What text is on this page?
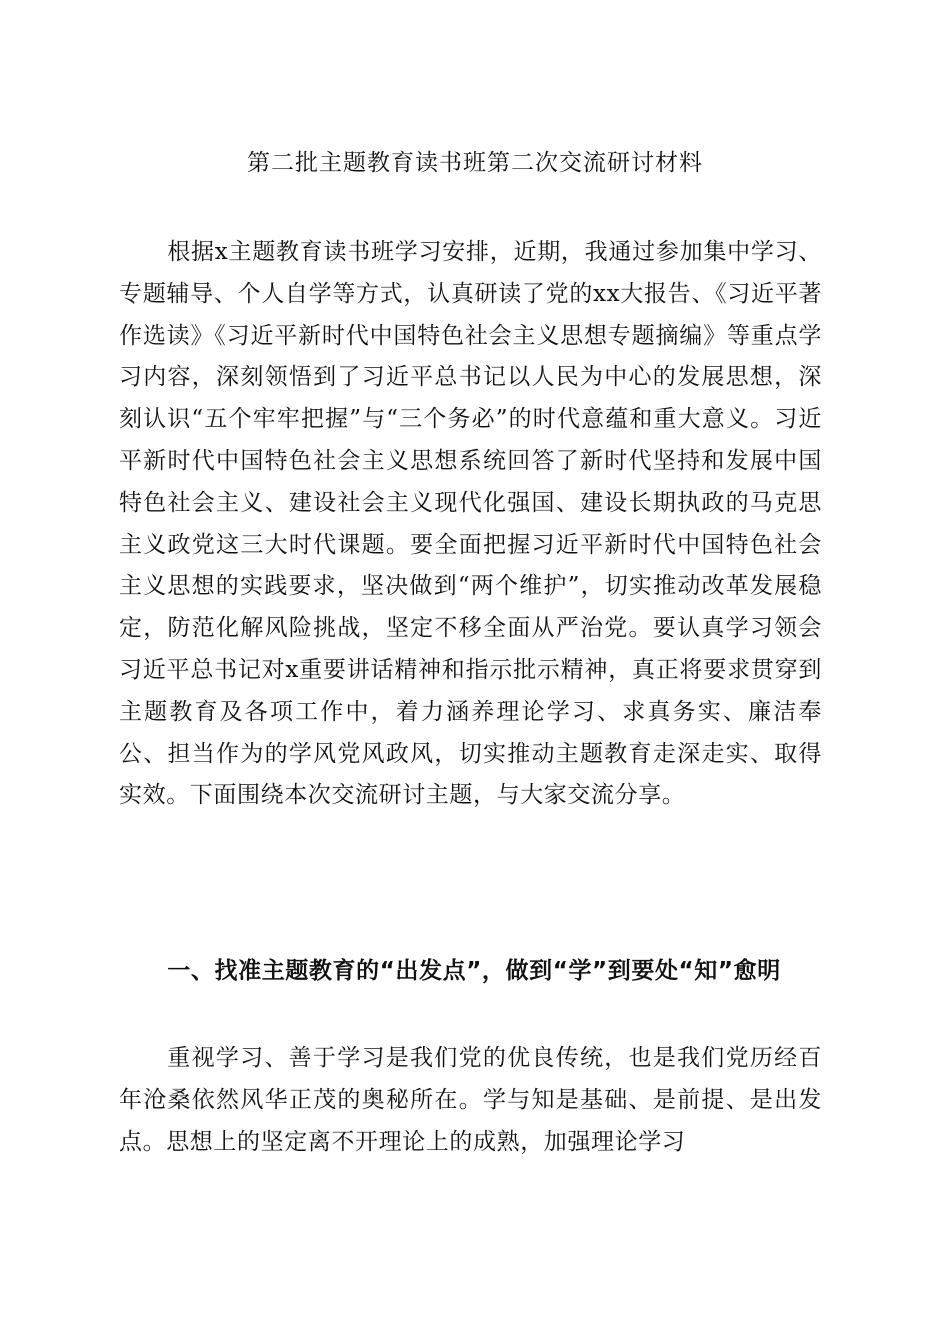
第二批主题教育读书班第二次交流研讨材料

根据x主题教育读书班学习安排，近期，我通过参加集中学习、专题辅导、个人自学等方式，认真研读了党的xx大报告、《习近平著作选读》《习近平新时代中国特色社会主义思想专题摘编》等重点学习内容，深刻领悟到了习近平总书记以人民为中心的发展思想，深刻认识“五个牢牢把握”与“三个务必”的时代意蕴和重大意义。习近平新时代中国特色社会主义思想系统回答了新时代坚持和发展中国特色社会主义、建设社会主义现代化强国、建设长期执政的马克思主义政党这三大时代课题。要全面把握习近平新时代中国特色社会主义思想的实践要求，坚决做到“两个维护”，切实推动改革发展稳定，防范化解风险挑战，坚定不移全面从严治党。要认真学习领会习近平总书记对x重要讲话精神和指示批示精神，真正将要求贯穿到主题教育及各项工作中，着力涵养理论学习、求真务实、廉洁奉公、担当作为的学风党风政风，切实推动主题教育走深走实、取得实效。下面围绕本次交流研讨主题，与大家交流分享。

一、找准主题教育的“出发点”，做到“学”到要处“知”愈明

重视学习、善于学习是我们党的优良传统，也是我们党历经百年沧桑依然风华正茂的奥秘所在。学与知是基础、是前提、是出发点。思想上的坚定离不开理论上的成熟，加强理论学习
